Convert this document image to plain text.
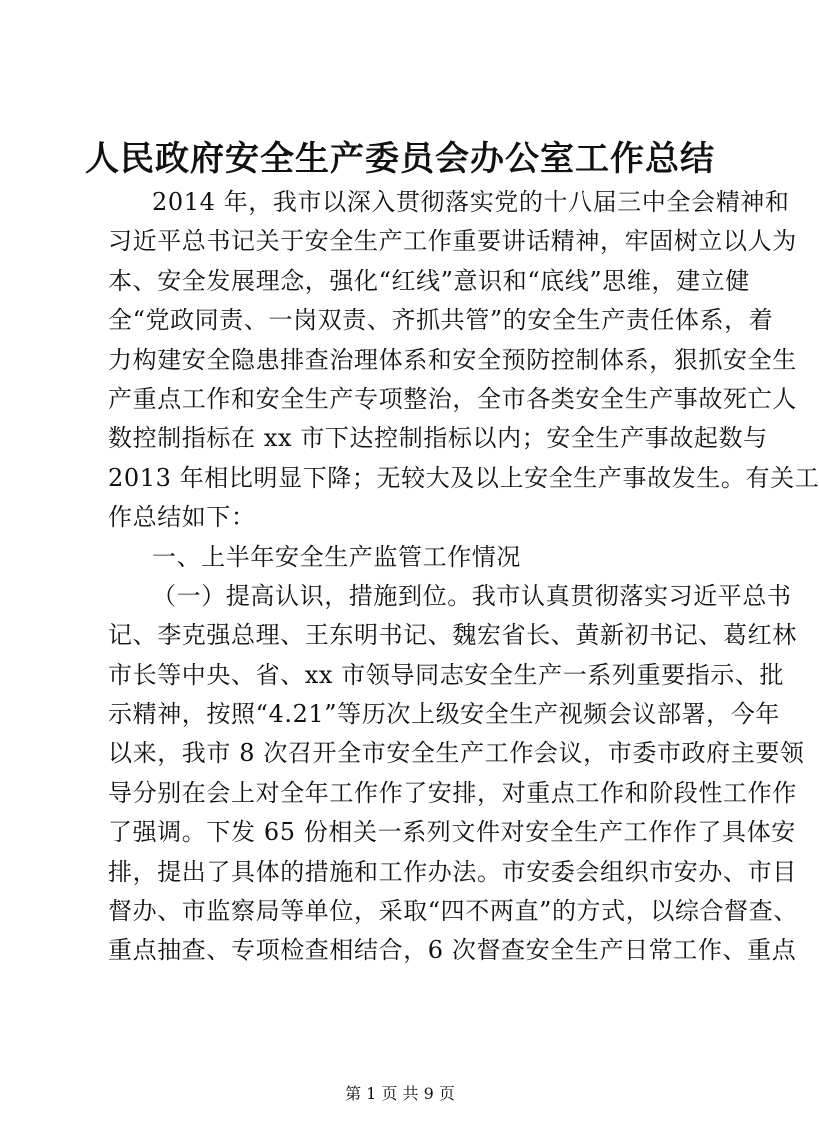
人民政府安全生产委员会办公室工作总结
2014 年，我市以深入贯彻落实党的十八届三中全会精神和
习近平总书记关于安全生产工作重要讲话精神，牢固树立以人为
本、安全发展理念，强化“红线”意识和“底线”思维，建立健
全“党政同责、一岗双责、齐抓共管”的安全生产责任体系，着
力构建安全隐患排查治理体系和安全预防控制体系，狠抓安全生
产重点工作和安全生产专项整治，全市各类安全生产事故死亡人
数控制指标在 xx 市下达控制指标以内；安全生产事故起数与
2013 年相比明显下降；无较大及以上安全生产事故发生。有关工
作总结如下：
一、上半年安全生产监管工作情况
（一）提高认识，措施到位。我市认真贯彻落实习近平总书
记、李克强总理、王东明书记、魏宏省长、黄新初书记、葛红林
市长等中央、省、xx 市领导同志安全生产一系列重要指示、批
示精神，按照“4.21”等历次上级安全生产视频会议部署，今年
以来，我市 8 次召开全市安全生产工作会议，市委市政府主要领
导分别在会上对全年工作作了安排，对重点工作和阶段性工作作
了强调。下发 65 份相关一系列文件对安全生产工作作了具体安
排，提出了具体的措施和工作办法。市安委会组织市安办、市目
督办、市监察局等单位，采取“四不两直”的方式，以综合督查、
重点抽查、专项检查相结合，6 次督查安全生产日常工作、重点
第 1 页 共 9 页
